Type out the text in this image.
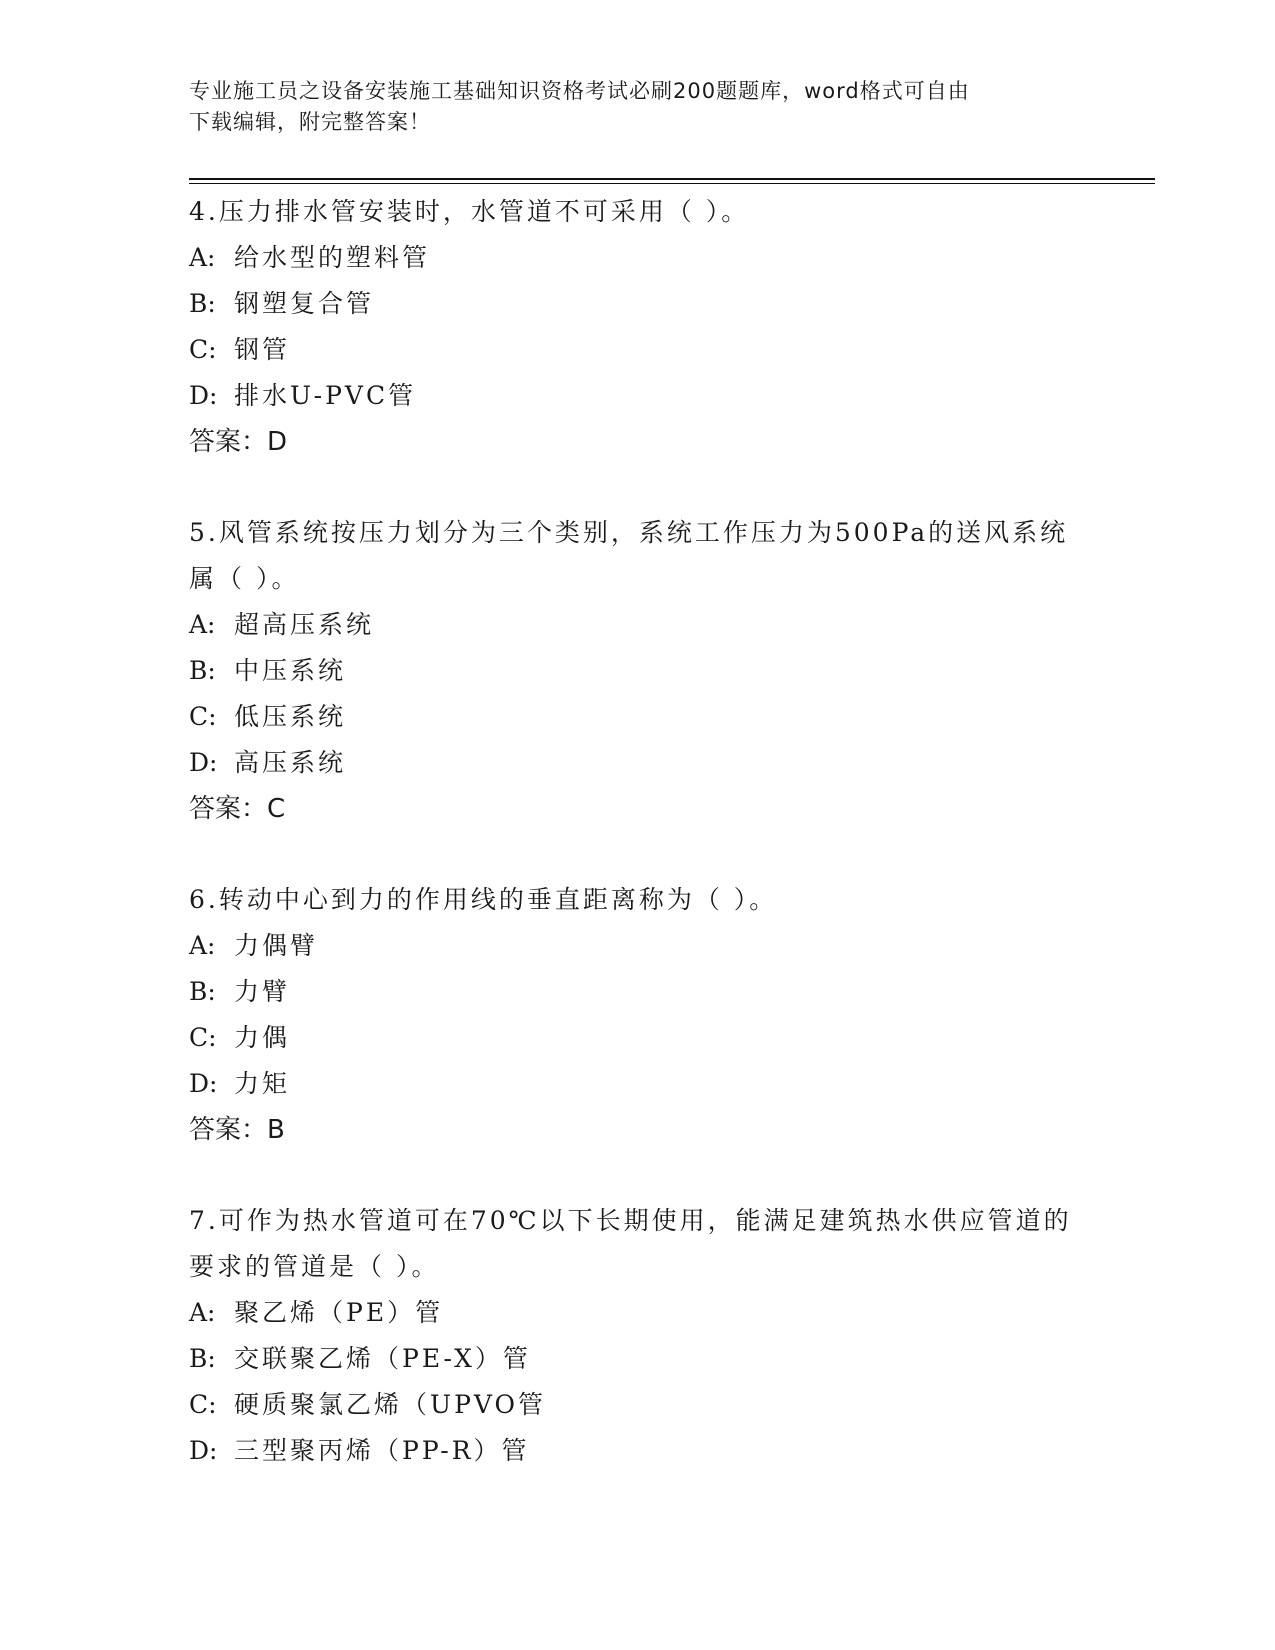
专业施工员之设备安装施工基础知识资格考试必刷200题题库，word格式可自由
下载编辑，附完整答案！

4.压力排水管安装时，水管道不可采用（ ）。

A: 给水型的塑料管

B: 钢塑复合管

C: 钢管

D: 排水U-PVC管

答案：D

5.风管系统按压力划分为三个类别，系统工作压力为500Pa的送风系统属（ ）。

A: 超高压系统

B: 中压系统

C: 低压系统

D: 高压系统

答案：C

6.转动中心到力的作用线的垂直距离称为（ ）。

A: 力偶臂

B: 力臂

C: 力偶

D: 力矩

答案：B

7.可作为热水管道可在70℃以下长期使用，能满足建筑热水供应管道的要求的管道是（ ）。

A: 聚乙烯（PE）管

B: 交联聚乙烯（PE-X）管

C: 硬质聚氯乙烯（UPVO管

D: 三型聚丙烯（PP-R）管
